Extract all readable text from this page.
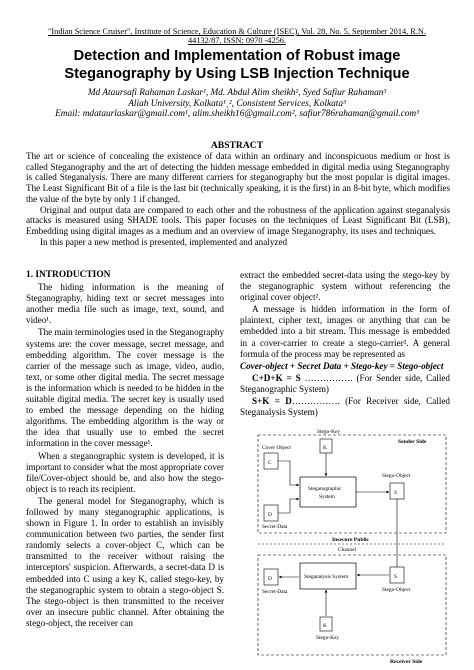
"Indian Science Cruiser", Institute of Science, Education & Culture (ISEC), Vol. 28, No. 5, September 2014, R.N. 44132/87, ISSN: 0970 -4256.
Detection and Implementation of Robust image
Steganography by Using LSB Injection Technique
Md Ataursafi Rahaman Laskar¹, Md. Abdul Alim sheikh², Syed Safiur Rahaman³
Aliah University, Kolkata¹ˎ², Consistent Services, Kolkata³
Email: mdataurlaskar@gmail.com¹, alim.sheikh16@gmail.com², safiur786rahaman@gmail.com³
ABSTRACT

The art or science of concealing the existence of data within an ordinary and inconspicuous medium or host is called Steganography and the art of detecting the hidden message embedded in digital media using Steganography is called Steganalysis. There are many different carriers for steganography but the most popular is digital images. The Least Significant Bit of a file is the last bit (technically speaking, it is the first) in an 8-bit byte, which modifies the value of the byte by only 1 if changed.

Original and output data are compared to each other and the robustness of the application against steganalysis attacks is measured using SHADE tools. This paper focuses on the techniques of Least Significant Bit (LSB), Embedding using digital images as a medium and an overview of image Steganography, its uses and techniques.

In this paper a new method is presented, implemented and analyzed

1. INTRODUCTION

The hiding information is the meaning of Steganography, hiding text or secret messages into another media file such as image, text, sound, and video¹.

The main terminologies used in the Steganography systems are: the cover message, secret message, and embedding algorithm. The cover message is the carrier of the message such as image, video, audio, text, or some other digital media. The secret message is the information which is needed to be hidden in the suitable digital media. The secret key is usually used to embed the message depending on the hiding algorithms. The embedding algorithm is the way or the idea that usually use to embed the secret information in the cover message¹.

When a steganographic system is developed, it is important to consider what the most appropriate cover file/Cover-object should be, and also how the stego-object is to reach its recipient.

The general model for Steganography, which is followed by many steganographic applications, is shown in Figure 1. In order to establish an invisibly communication between two parties, the sender first randomly selects a cover-object C, which can be transmitted to the receiver without raising the interceptors' suspicion. Afterwards, a secret-data D is embedded into C using a key K, called stego-key, by the steganographic system to obtain a stego-object S. The stego-object is then transmitted to the receiver over an insecure public channel. After obtaining the stego-object, the receiver can

extract the embedded secret-data using the stego-key by the steganographic system without referencing the original cover object².

A message is hidden information in the form of plaintext, cipher text, images or anything that can be embedded into a bit stream. This message is embedded in a cover-carrier to create a stego-carrier². A general formula of the process may be represented as

Cover-object + Secret Data + Stego-key = Stego-object

C+D+K = S ……………. (For Sender side, Called Steganographic System)

S+K = D……………. (For Receiver side, Called Steganalysis System)

Stego-Key
Sender Side
K
Cover Object
C
Steganographic
System
D
Secret-Data
Stego-Object
S
Insecure Public
Channel
S
Stego-Object
Steganalysis System
D
Secret-Data
K
Stego-Key
Receiver Side
